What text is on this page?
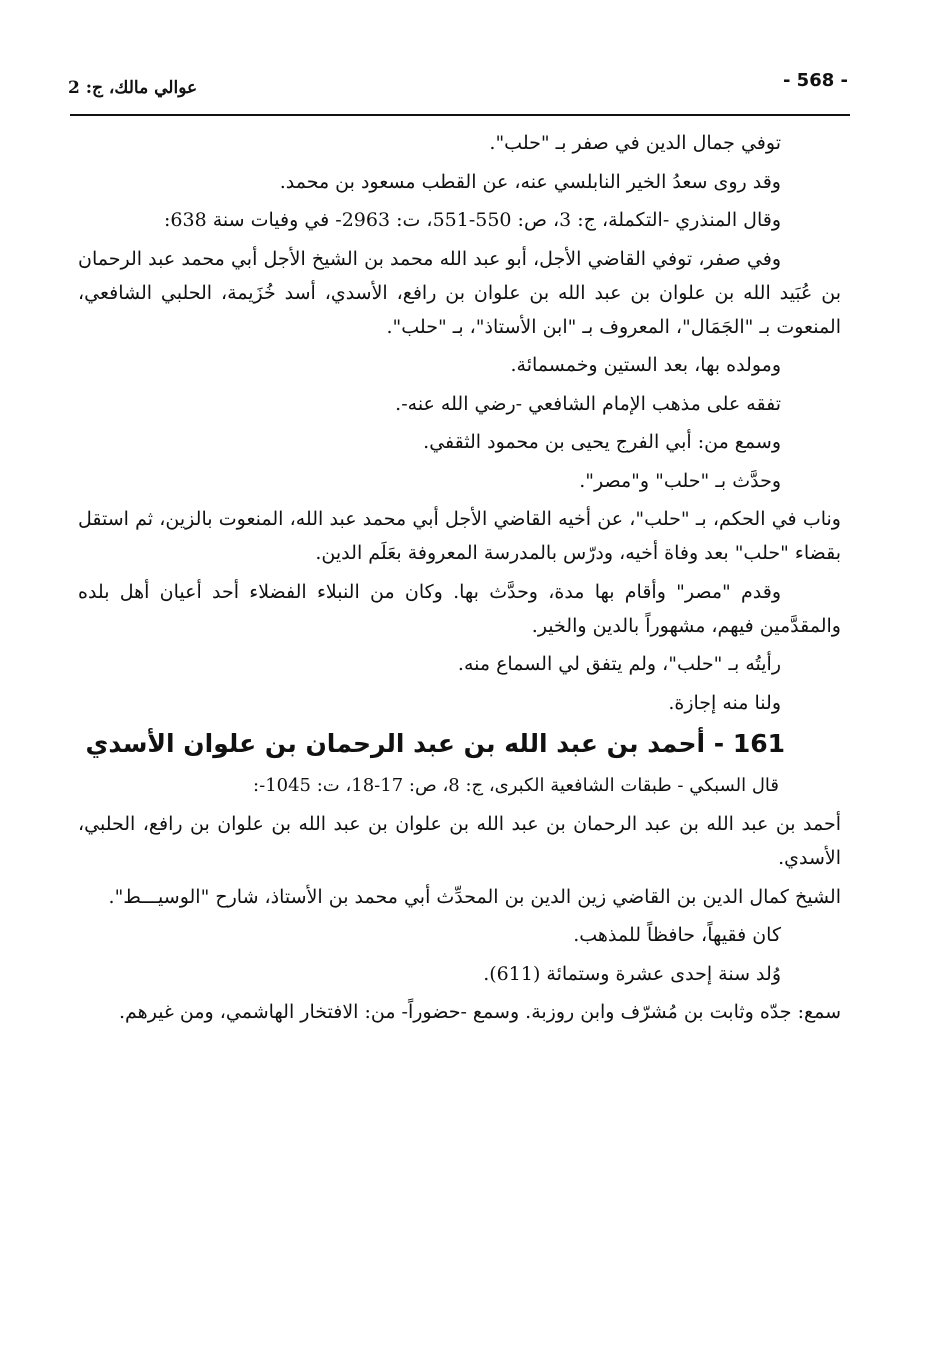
عوالي مالك، ج: 2	- 568 -

توفي جمال الدين في صفر بـ "حلب".

وقد روى سعدُ الخير النابلسي عنه، عن القطب مسعود بن محمد.

وقال المنذري -التكملة، ج: 3، ص: 550-551، ت: 2963- في وفيات سنة 638:

وفي صفر، توفي القاضي الأجل، أبو عبد الله محمد بن الشيخ الأجل أبي محمد عبد الرحمان بن عُبَيد الله بن علوان بن عبد الله بن علوان بن رافع، الأسدي، أسد خُزَيمة، الحلبي الشافعي، المنعوت بـ "الجَمَال"، المعروف بـ "ابن الأستاذ"، بـ "حلب".

ومولده بها، بعد الستين وخمسمائة.

تفقه على مذهب الإمام الشافعي -رضي الله عنه-.

وسمع من: أبي الفرج يحيى بن محمود الثقفي.

وحدَّث بـ "حلب" و"مصر".

وناب في الحكم، بـ "حلب"، عن أخيه القاضي الأجل أبي محمد عبد الله، المنعوت بالزين، ثم استقل بقضاء "حلب" بعد وفاة أخيه، ودرّس بالمدرسة المعروفة بعَلَم الدين.

وقدم "مصر" وأقام بها مدة، وحدَّث بها. وكان من النبلاء الفضلاء أحد أعيان أهل بلده والمقدَّمين فيهم، مشهوراً بالدين والخير.

رأيتُه بـ "حلب"، ولم يتفق لي السماع منه.

ولنا منه إجازة.

161 - أحمد بن عبد الله بن عبد الرحمان بن علوان الأسدي

قال السبكي - طبقات الشافعية الكبرى، ج: 8، ص: 17-18، ت: 1045-:

أحمد بن عبد الله بن عبد الرحمان بن عبد الله بن علوان بن عبد الله بن علوان بن رافع، الحلبي، الأسدي.

الشيخ كمال الدين بن القاضي زين الدين بن المحدِّث أبي محمد بن الأستاذ، شارح "الوسيـــط".

كان فقيهاً، حافظاً للمذهب.

وُلد سنة إحدى عشرة وستمائة (611).

سمع: جدّه وثابت بن مُشرّف وابن روزبة. وسمع -حضوراً- من: الافتخار الهاشمي، ومن غيرهم.
